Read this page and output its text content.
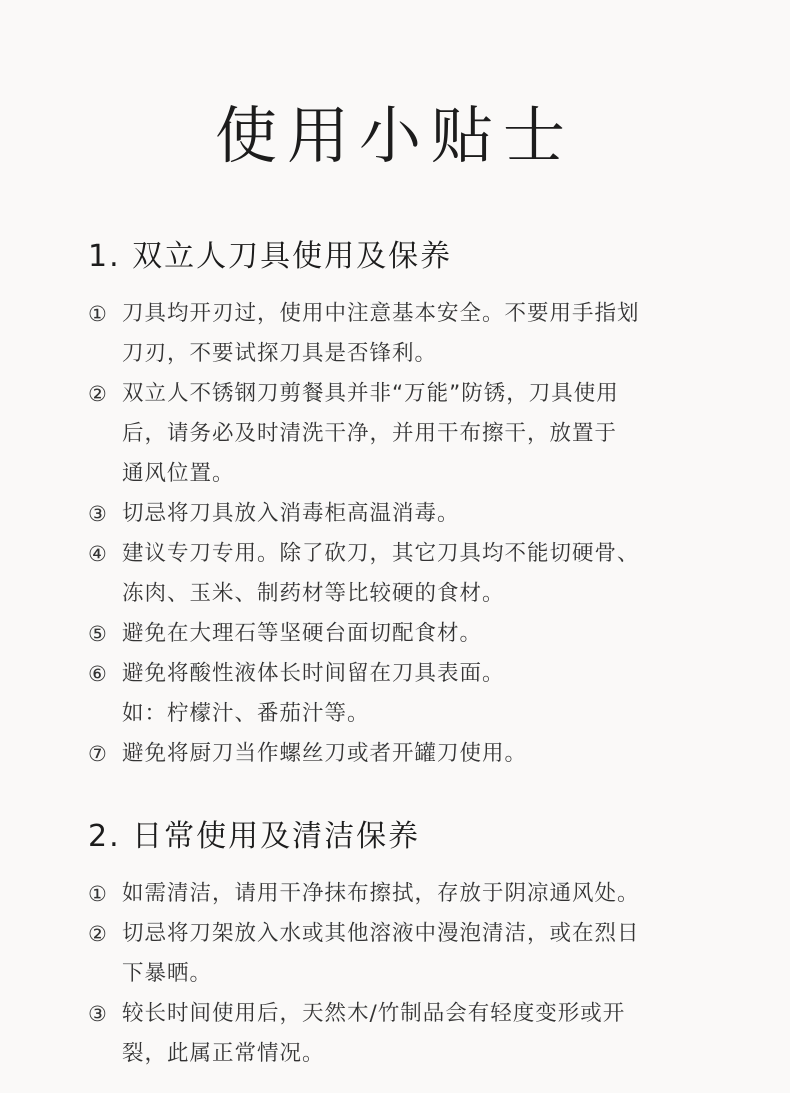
使用小贴士
1. 双立人刀具使用及保养
① 刀具均开刃过，使用中注意基本安全。不要用手指划
刀刃，不要试探刀具是否锋利。
② 双立人不锈钢刀剪餐具并非“万能”防锈，刀具使用
后，请务必及时清洗干净，并用干布擦干，放置于
通风位置。
③ 切忌将刀具放入消毒柜高温消毒。
④ 建议专刀专用。除了砍刀，其它刀具均不能切硬骨、
冻肉、玉米、制药材等比较硬的食材。
⑤ 避免在大理石等坚硬台面切配食材。
⑥ 避免将酸性液体长时间留在刀具表面。
如：柠檬汁、番茄汁等。
⑦ 避免将厨刀当作螺丝刀或者开罐刀使用。
2. 日常使用及清洁保养
① 如需清洁，请用干净抹布擦拭，存放于阴凉通风处。
② 切忌将刀架放入水或其他溶液中漫泡清洁，或在烈日
下暴晒。
③ 较长时间使用后，天然木/竹制品会有轻度变形或开
裂，此属正常情况。
